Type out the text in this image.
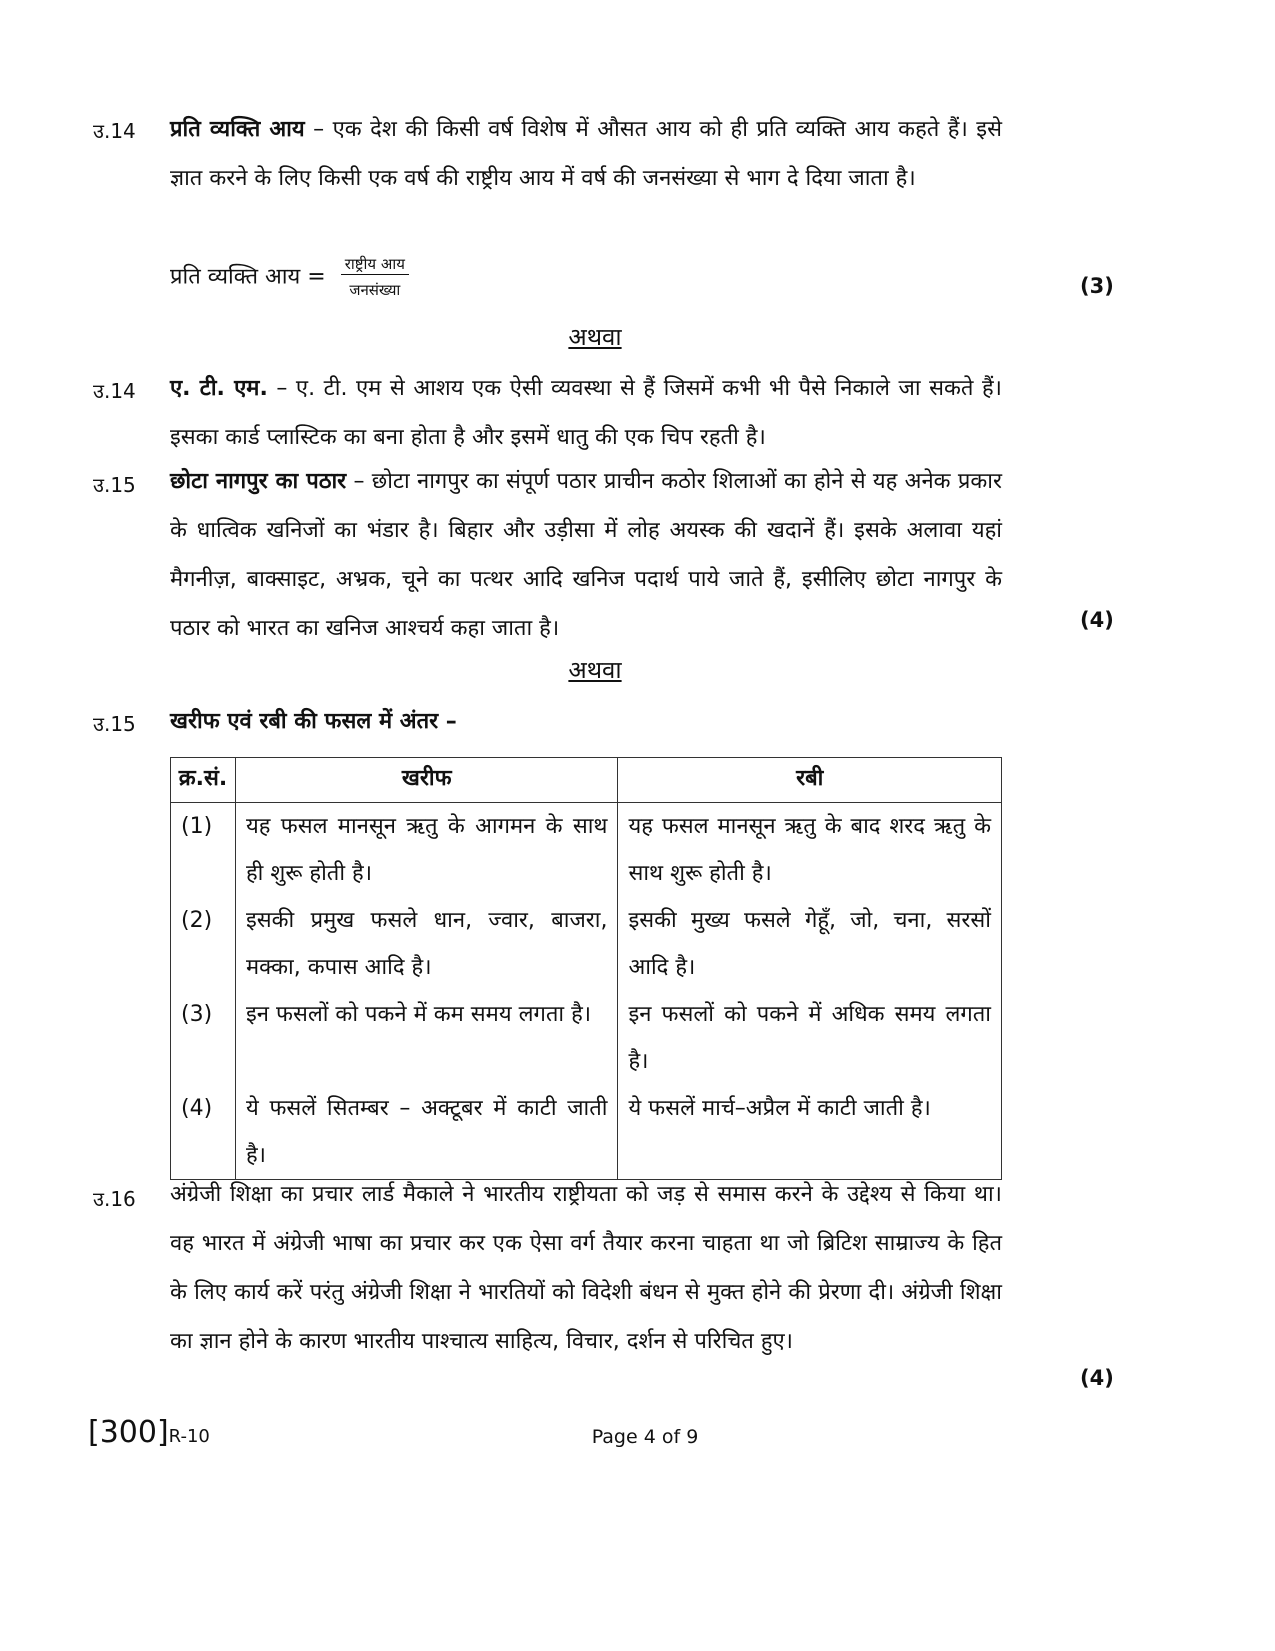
उ.14 प्रति व्यक्ति आय – एक देश की किसी वर्ष विशेष में औसत आय को ही प्रति व्यक्ति आय कहते हैं। इसे ज्ञात करने के लिए किसी एक वर्ष की राष्ट्रीय आय में वर्ष की जनसंख्या से भाग दे दिया जाता है।
प्रति व्यक्ति आय = $\frac{\text{राष्ट्रीय आय}}{\text{जनसंख्या}}$	(3)
अथवा
उ.14 ए. टी. एम. – ए. टी. एम से आशय एक ऐसी व्यवस्था से हैं जिसमें कभी भी पैसे निकाले जा सकते हैं। इसका कार्ड प्लास्टिक का बना होता है और इसमें धातु की एक चिप रहती है।
उ.15 छोटा नागपुर का पठार – छोटा नागपुर का संपूर्ण पठार प्राचीन कठोर शिलाओं का होने से यह अनेक प्रकार के धात्विक खनिजों का भंडार है। बिहार और उड़ीसा में लोह अयस्क की खदानें हैं। इसके अलावा यहां मैगनीज़, बाक्साइट, अभ्रक, चूने का पत्थर आदि खनिज पदार्थ पाये जाते हैं, इसीलिए छोटा नागपुर के पठार को भारत का खनिज आश्चर्य कहा जाता है।	(4)
अथवा
उ.15 खरीफ एवं रबी की फसल में अंतर –
क्र.सं.	खरीफ	रबी
(1)	यह फसल मानसून ऋतु के आगमन के साथ ही शुरू होती है।	यह फसल मानसून ऋतु के बाद शरद ऋतु के साथ शुरू होती है।
(2)	इसकी प्रमुख फसले धान, ज्वार, बाजरा, मक्का, कपास आदि है।	इसकी मुख्य फसले गेहूँ, जो, चना, सरसों आदि है।
(3)	इन फसलों को पकने में कम समय लगता है।	इन फसलों को पकने में अधिक समय लगता है।
(4)	ये फसलें सितम्बर – अक्टूबर में काटी जाती है।	ये फसलें मार्च–अप्रैल में काटी जाती है।
उ.16 अंग्रेजी शिक्षा का प्रचार लार्ड मैकाले ने भारतीय राष्ट्रीयता को जड़ से समास करने के उद्देश्य से किया था। वह भारत में अंग्रेजी भाषा का प्रचार कर एक ऐसा वर्ग तैयार करना चाहता था जो ब्रिटिश साम्राज्य के हित के लिए कार्य करें परंतु अंग्रेजी शिक्षा ने भारतियों को विदेशी बंधन से मुक्त होने की प्रेरणा दी। अंग्रेजी शिक्षा का ज्ञान होने के कारण भारतीय पाश्चात्य साहित्य, विचार, दर्शन से परिचित हुए।
(4)
[300]R-10	Page 4 of 9
